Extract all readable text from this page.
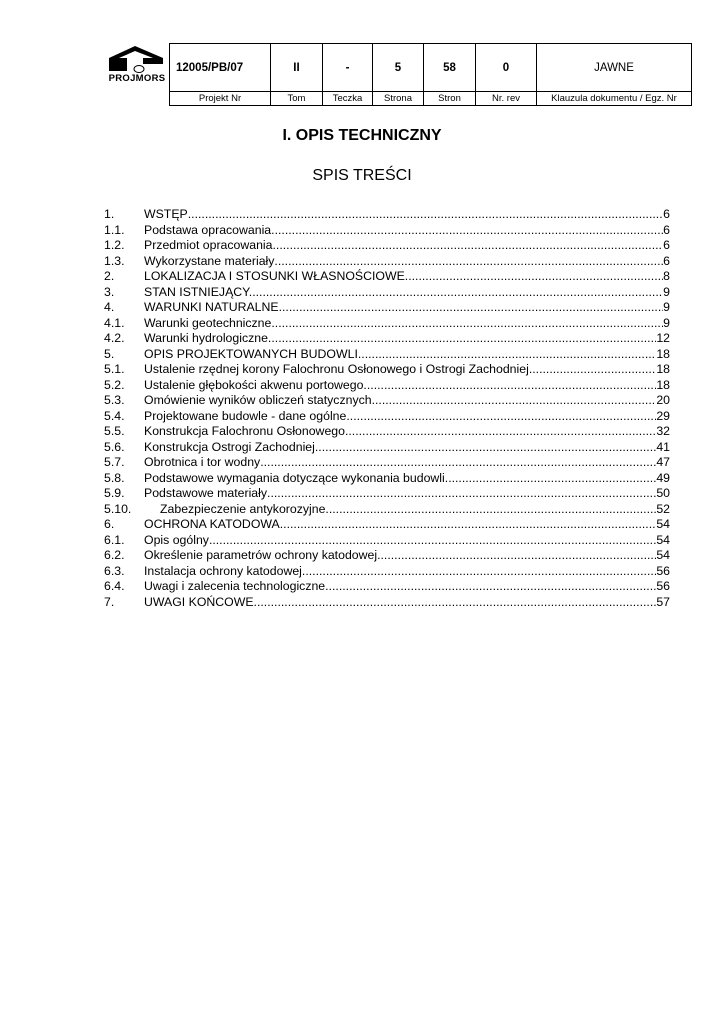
PROJMORS
12005/PB/07	II	-	5	58	0	JAWNE
Projekt Nr	Tom	Teczka	Strona	Stron	Nr. rev	Klauzula dokumentu / Egz. Nr
I. OPIS TECHNICZNY
SPIS TREŚCI
1.	WSTĘP .....	6
1.1.	Podstawa opracowania. .....	6
1.2.	Przedmiot opracowania .....	6
1.3.	Wykorzystane materiały .....	6
2.	LOKALIZACJA I STOSUNKI WŁASNOŚCIOWE. .....	8
3.	STAN ISTNIEJĄCY. .....	9
4.	WARUNKI NATURALNE .....	9
4.1.	Warunki geotechniczne .....	9
4.2.	Warunki hydrologiczne. .....	12
5.	OPIS PROJEKTOWANYCH BUDOWLI .....	18
5.1.	Ustalenie rzędnej korony Falochronu Osłonowego i Ostrogi Zachodniej. .....	18
5.2.	Ustalenie głębokości akwenu portowego. .....	18
5.3.	Omówienie wyników obliczeń statycznych. .....	20
5.4.	Projektowane budowle - dane ogólne .....	29
5.5.	Konstrukcja Falochronu Osłonowego .....	32
5.6.	Konstrukcja Ostrogi Zachodniej. .....	41
5.7.	Obrotnica i tor wodny .....	47
5.8.	Podstawowe wymagania dotyczące wykonania budowli. .....	49
5.9.	Podstawowe materiały .....	50
5.10.	Zabezpieczenie antykorozyjne .....	52
6.	OCHRONA KATODOWA .....	54
6.1.	Opis ogólny .....	54
6.2.	Określenie parametrów ochrony katodowej .....	54
6.3.	Instalacja ochrony katodowej .....	56
6.4.	Uwagi i zalecenia technologiczne .....	56
7.	UWAGI KOŃCOWE. .....	57
